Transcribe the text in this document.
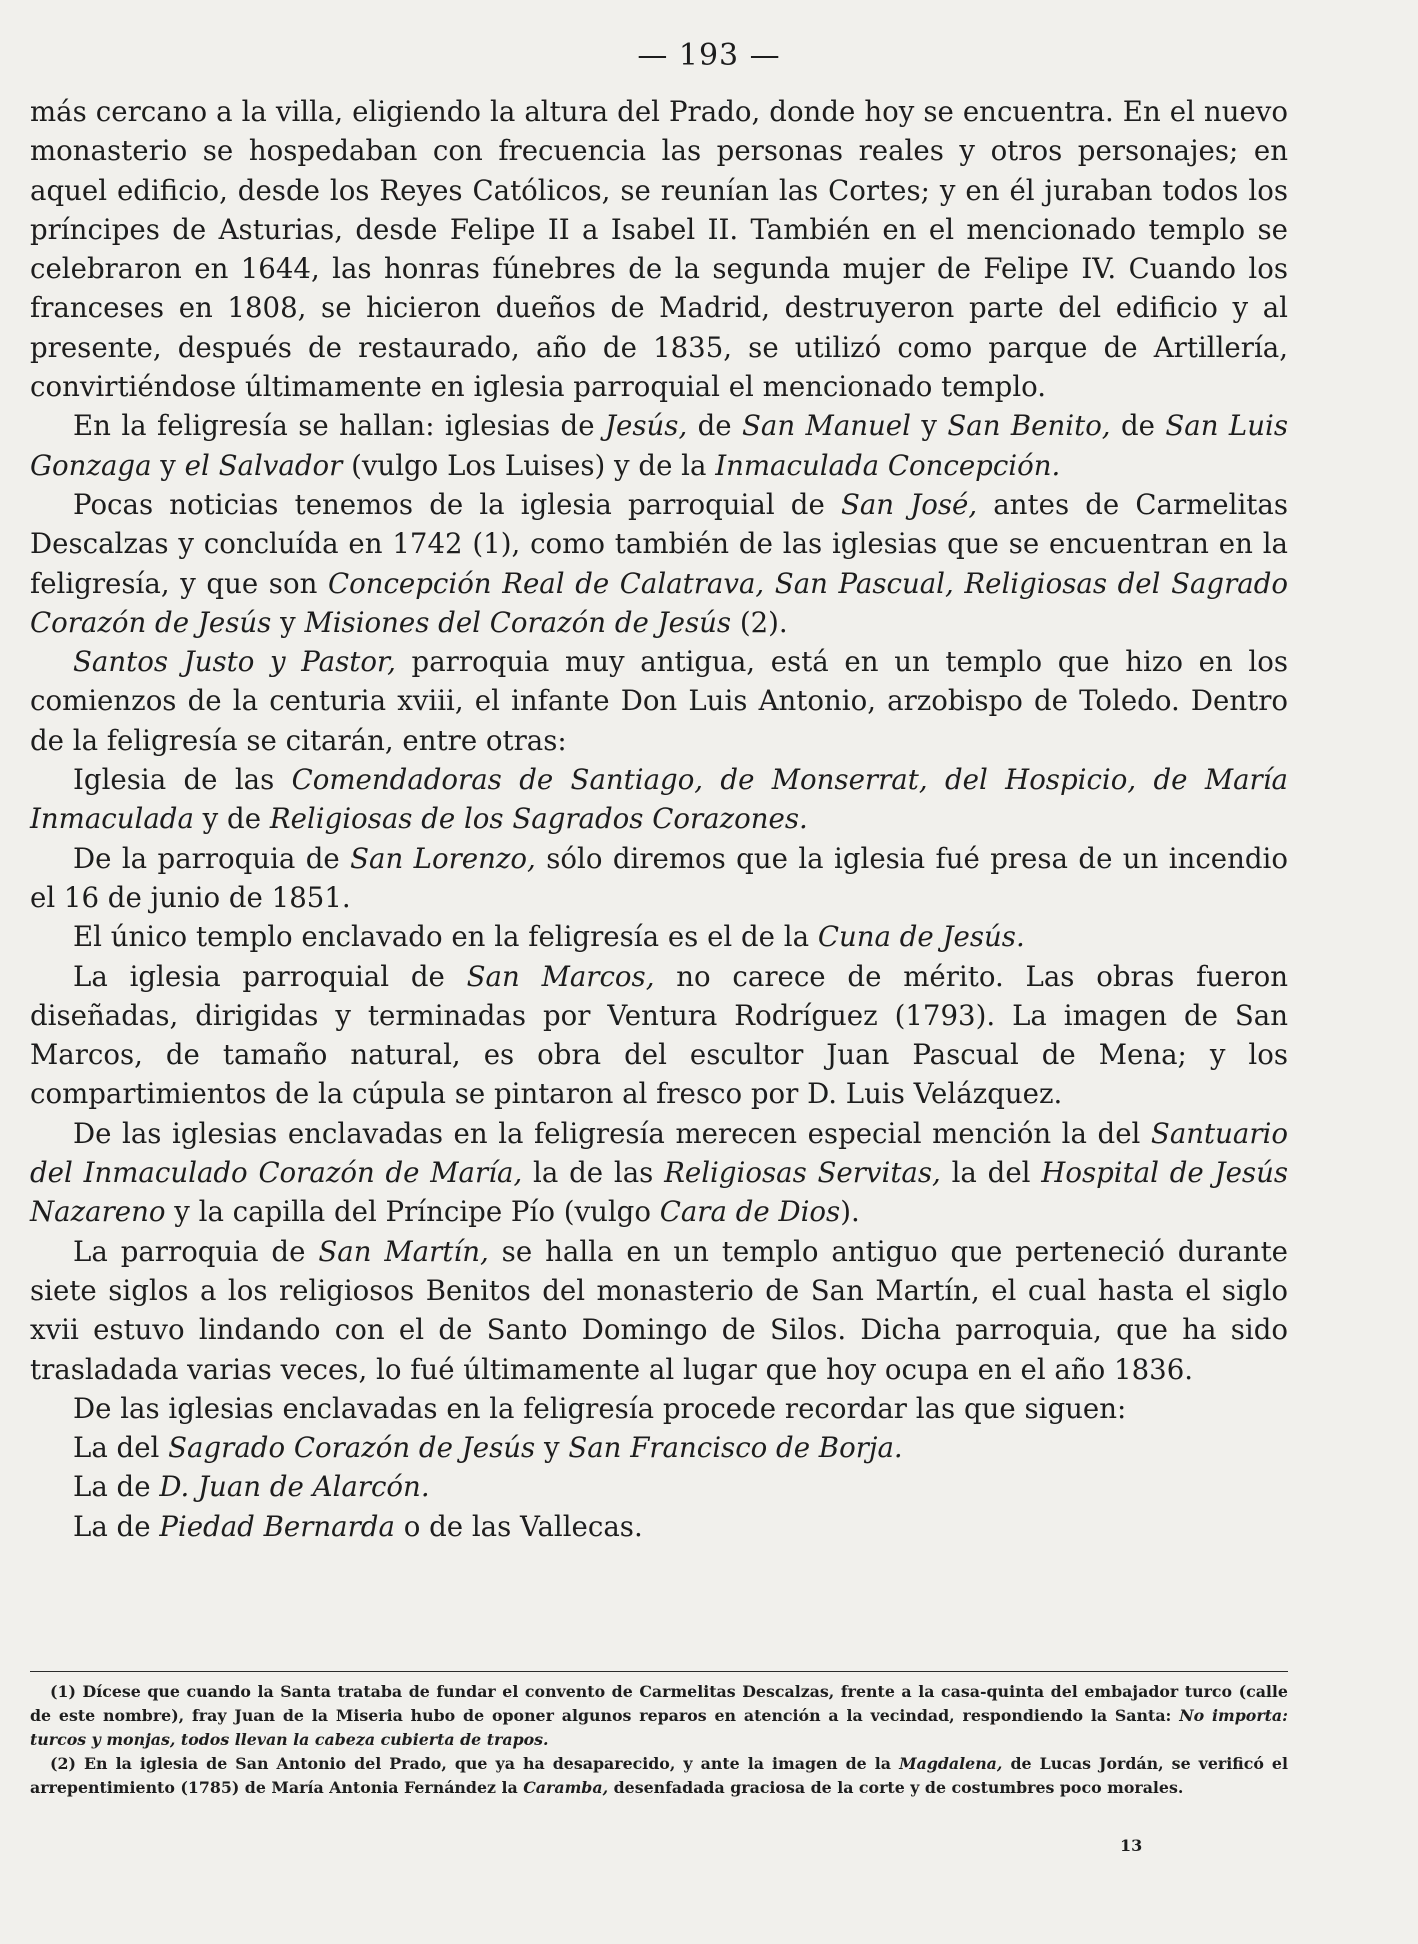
— 193 —

más cercano a la villa, eligiendo la altura del Prado, donde hoy se encuentra. En el nuevo monasterio se hospedaban con frecuencia las personas reales y otros personajes; en aquel edificio, desde los Reyes Católicos, se reunían las Cortes; y en él juraban todos los príncipes de Asturias, desde Felipe II a Isabel II. También en el mencionado templo se celebraron en 1644, las honras fúnebres de la segunda mujer de Felipe IV. Cuando los franceses en 1808, se hicieron dueños de Madrid, destruyeron parte del edificio y al presente, después de restaurado, año de 1835, se utilizó como parque de Artillería, convirtiéndose últimamente en iglesia parroquial el mencionado templo.

En la feligresía se hallan: iglesias de Jesús, de San Manuel y San Benito, de San Luis Gonzaga y el Salvador (vulgo Los Luises) y de la Inmaculada Concepción.

Pocas noticias tenemos de la iglesia parroquial de San José, antes de Carmelitas Descalzas y concluída en 1742 (1), como también de las iglesias que se encuentran en la feligresía, y que son Concepción Real de Calatrava, San Pascual, Religiosas del Sagrado Corazón de Jesús y Misiones del Corazón de Jesús (2).

Santos Justo y Pastor, parroquia muy antigua, está en un templo que hizo en los comienzos de la centuria xviii, el infante Don Luis Antonio, arzobispo de Toledo. Dentro de la feligresía se citarán, entre otras:

Iglesia de las Comendadoras de Santiago, de Monserrat, del Hospicio, de María Inmaculada y de Religiosas de los Sagrados Corazones.

De la parroquia de San Lorenzo, sólo diremos que la iglesia fué presa de un incendio el 16 de junio de 1851.

El único templo enclavado en la feligresía es el de la Cuna de Jesús.

La iglesia parroquial de San Marcos, no carece de mérito. Las obras fueron diseñadas, dirigidas y terminadas por Ventura Rodríguez (1793). La imagen de San Marcos, de tamaño natural, es obra del escultor Juan Pascual de Mena; y los compartimientos de la cúpula se pintaron al fresco por D. Luis Velázquez.

De las iglesias enclavadas en la feligresía merecen especial mención la del Santuario del Inmaculado Corazón de María, la de las Religiosas Servitas, la del Hospital de Jesús Nazareno y la capilla del Príncipe Pío (vulgo Cara de Dios).

La parroquia de San Martín, se halla en un templo antiguo que perteneció durante siete siglos a los religiosos Benitos del monasterio de San Martín, el cual hasta el siglo xvii estuvo lindando con el de Santo Domingo de Silos. Dicha parroquia, que ha sido trasladada varias veces, lo fué últimamente al lugar que hoy ocupa en el año 1836.

De las iglesias enclavadas en la feligresía procede recordar las que siguen:

La del Sagrado Corazón de Jesús y San Francisco de Borja.

La de D. Juan de Alarcón.

La de Piedad Bernarda o de las Vallecas.

(1) Dícese que cuando la Santa trataba de fundar el convento de Carmelitas Descalzas, frente a la casa-quinta del embajador turco (calle de este nombre), fray Juan de la Miseria hubo de oponer algunos reparos en atención a la vecindad, respondiendo la Santa: No importa: turcos y monjas, todos llevan la cabeza cubierta de trapos.

(2) En la iglesia de San Antonio del Prado, que ya ha desaparecido, y ante la imagen de la Magdalena, de Lucas Jordán, se verificó el arrepentimiento (1785) de María Antonia Fernández la Caramba, desenfadada graciosa de la corte y de costumbres poco morales.

13
